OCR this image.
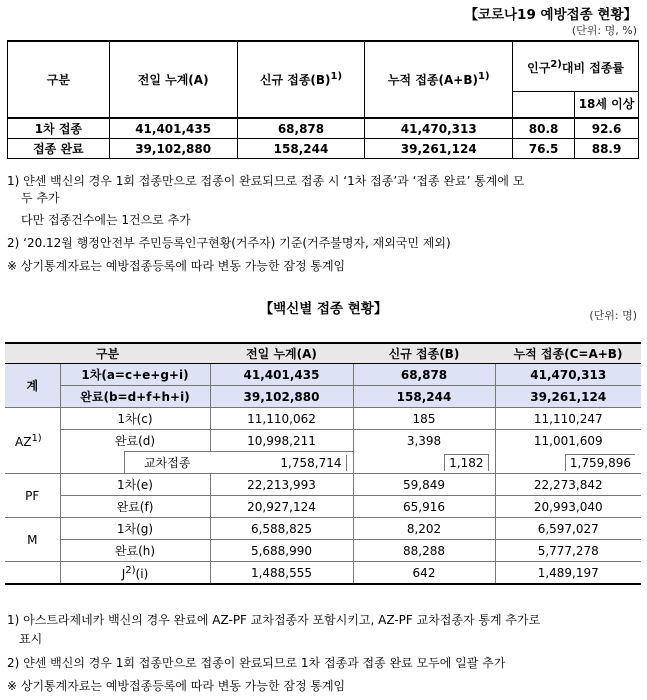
【코로나19 예방접종 현황】
(단위: 명, %)
구분	전일 누계(A)	신규 접종$(B)^{1)}$	누적 접종$(A+B)^{1)}$	인구$^{2)}$대비 접종률	
					18세 이상
1차 접종	41,401,435	68,878	41,470,313	80.8	92.6
접종 완료	39,102,880	158,244	39,261,124	76.5	88.9
1) 얀센 백신의 경우 1회 접종만으로 접종이 완료되므로 접종 시 ‘1차 접종’과 ‘접종 완료’ 통계에 모
두 추가
다만 접종건수에는 1건으로 추가
2) ‘20.12월 행정안전부 주민등록인구현황(거주자) 기준(거주불명자, 재외국민 제외)
※ 상기통계자료는 예방접종등록에 따라 변동 가능한 잠정 통계임
【백신별 접종 현황】	(단위: 명)
구분			전일 누계(A)	신규 접종(B)	누적 접종(C=A+B)
계	1차(a=c+e+g+i)		41,401,435	68,878	41,470,313
	완료(b=d+f+h+i)		39,102,880	158,244	39,261,124
AZ$^{1)}$	1차(c)		11,110,062	185	11,110,247
	완료(d)		10,998,211	3,398	11,001,609
		교차접종	1,758,714	1,182	1,759,896
PF	1차(e)		22,213,993	59,849	22,273,842
	완료(f)		20,927,124	65,916	20,993,040
M	1차(g)		6,588,825	8,202	6,597,027
	완료(h)		5,688,990	88,288	5,777,278
	$J^{2)}(i)$		1,488,555	642	1,489,197
1) 아스트라제네카 백신의 경우 완료에 AZ-PF 교차접종자 포함시키고, AZ-PF 교차접종자 통계 추가로
표시
2) 얀센 백신의 경우 1회 접종만으로 접종이 완료되므로 1차 접종과 접종 완료 모두에 일괄 추가
※ 상기통계자료는 예방접종등록에 따라 변동 가능한 잠정 통계임
